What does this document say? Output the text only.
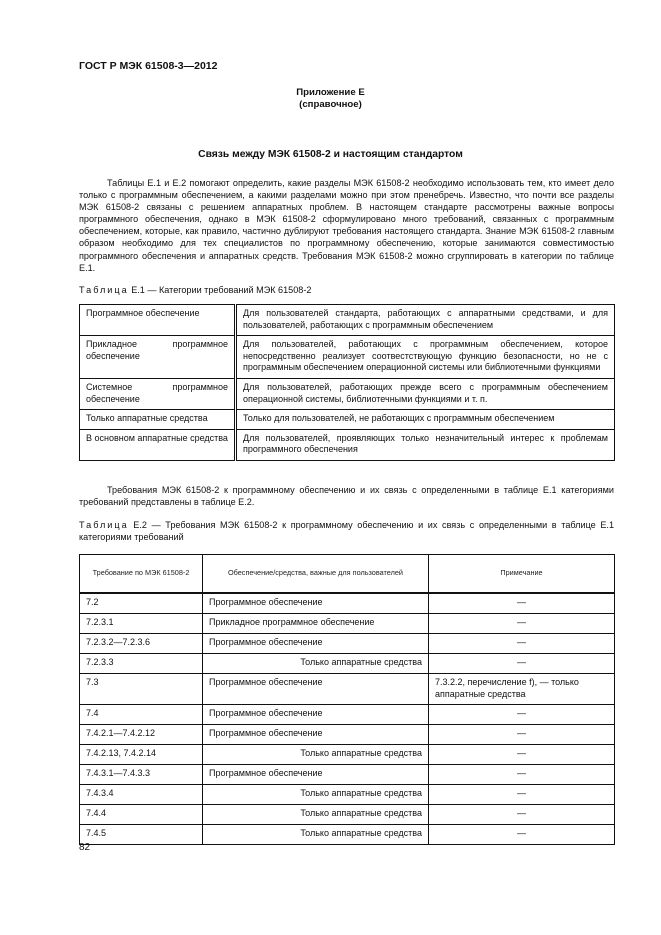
ГОСТ Р МЭК 61508-3—2012
Приложение Е
(справочное)
Связь между МЭК 61508-2 и настоящим стандартом
Таблицы Е.1 и Е.2 помогают определить, какие разделы МЭК 61508-2 необходимо использовать тем, кто имеет дело только с программным обеспечением, а какими разделами можно при этом пренебречь. Известно, что почти все разделы МЭК 61508-2 связаны с решением аппаратных проблем. В настоящем стандарте рассмотрены важные вопросы программного обеспечения, однако в МЭК 61508-2 сформулировано много требований, связанных с программным обеспечением, которые, как правило, частично дублируют требования настоящего стандарта. Знание МЭК 61508-2 главным образом необходимо для тех специалистов по программному обеспечению, которые занимаются совместимостью программного обеспечения и аппаратных средств. Требования МЭК 61508-2 можно сгруппировать в категории по таблице Е.1.
Таблица Е.1 — Категории требований МЭК 61508-2
Программное обеспечение	Для пользователей стандарта, работающих с аппаратными средствами, и для пользователей, работающих с программным обеспечением
Прикладное программное обеспечение	Для пользователей, работающих с программным обеспечением, которое непосредственно реализует соотвестствующую функцию безопасности, но не с программным обеспечением операционной системы или библиотечными функциями
Системное программное обеспечение	Для пользователей, работающих прежде всего с программным обеспечением операционной системы, библиотечными функциями и т. п.
Только аппаратные средства	Только для пользователей, не работающих с программным обеспечением
В основном аппаратные средства	Для пользователей, проявляющих только незначительный интерес к проблемам программного обеспечения
Требования МЭК 61508-2 к программному обеспечению и их связь с определенными в таблице Е.1 категориями требований представлены в таблице Е.2.
Таблица Е.2 — Требования МЭК 61508-2 к программному обеспечению и их связь с определенными в таблице Е.1 категориями требований
Требование по МЭК 61508-2	Обеспечение/средства, важные для пользователей	Примечание
7.2	Программное обеспечение	—
7.2.3.1	Прикладное программное обеспечение	—
7.2.3.2—7.2.3.6	Программное обеспечение	—
7.2.3.3	Только аппаратные средства	—
7.3	Программное обеспечение	7.3.2.2, перечисление f), — только аппаратные средства
7.4	Программное обеспечение	—
7.4.2.1—7.4.2.12	Программное обеспечение	—
7.4.2.13, 7.4.2.14	Только аппаратные средства	—
7.4.3.1—7.4.3.3	Программное обеспечение	—
7.4.3.4	Только аппаратные средства	—
7.4.4	Только аппаратные средства	—
7.4.5	Только аппаратные средства	—
82
